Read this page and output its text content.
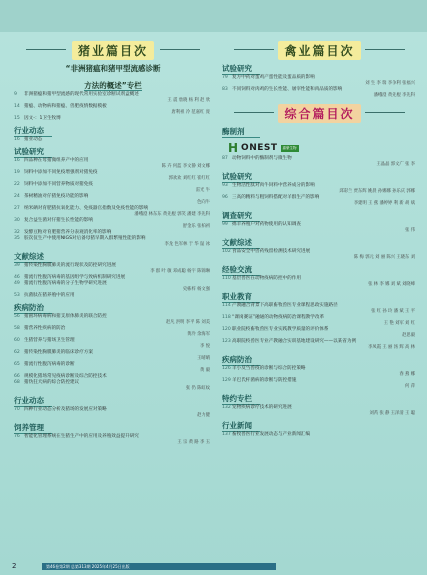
猪业篇目次
“非洲猪瘟和猪甲型流感诊断
方法的概述”专栏
9 非洲猪瘟和猪甲型流感的现代常用实验室诊断试剂盒概述
王 震 詹晓 杨 利 赵 欣
14 猪瘟、动物病和猪瘟、兽肥疫情数据模板
唐利祖 冷 范嘉红 庞
15 因文-：1卫生牧博
行业动态
16 猪业动态
试验研究
16 四品种在母猪微组养产中的应用
陈 卉 何蓝 李文静 刘文娜
19 饲料中添加不同免疫增强剂对猪免疫
郭欢欢 刘红红 崔红红
22 饲料中添加不同营养物质对猪免疫
雷光 牛
24 茶树精油对仔猪免疫功能的影响
色向牛
27 纳米硒对育肥猪抗氧化能力、免疫器官指数及免疫性能的影响
潘峨澄 林东东 黄先棍 郭笑 潘建 李先科
30 复合益生菌对仔猪生长性能的影响
舒金乐 张柏初
32 发酵豆粕对育肥猪营养分表观消化率的影响
35 胶次仪生产中使用NIGS对后备母猪早期入群繁殖性能的影响
李龙 色军林 于 华 鼠 冰
文献综述
39 猪传染性胸膜肺炎的流行现状及防控研究进展
李 群 叶 敏 邓成聪 杨宇 陈锦琳
46 猪流行性腹泻病毒的基因组学与致病机制研究进展
49 猪流行性腹泻病毒的分子生物学研究进展
史栋梓 杨文强
53 抗菌肽在猪养殖中的应用
疾病防治
56 猪圆环病毒病和猪支原体肺炎的联合防控
赵凡 洪明 李平 陈 刘美
58 猪营养性疾病的防治
黄冷 余海军
60 生猪营养与猪场卫生管理
李 悦
62 猪传染性胸膜肺炎的临床诊疗方案
王晴晴
65 猪流行性腹泻病毒的诊断
黄 毅
66 规模化猪场常见疫病诊断及综合防控技术
68 猪伪狂犬病的综合防控建议
张 仍 陈虹纹
行业动态
70 四种行业动态分析及猪场的发展应对策略
赵力健
饲养管理
76 智能化管理系统在生猪生产中的应用及养殖效益提升研究
王 宗 黄 路 李 玉
禽业篇目次
试验研究
79 复方中药对蛋鸡产蛋性能及蛋品质的影响
刘 生 李 瑞 李争利 张福兴
83 不同饲料对肉鸡的生长性能、屠宰性能和肉品质的影响
潘峨澄 黄先棍 李先科
综合篇目次
酶制剂
H ONEST	嘉豪生物
87 动物饲料中的酶制剂与微生物
王晶晶 郭文广 张 李
试验研究
93 生物活性肽对肉牛饲料中营养成分的影响
邱彩兰 贾东辉 姚晨 孙娜娜 孙乐庆 郭娜
96 三高的精料与粗饲料搭配对羊群生产的影响
李建明 王 燕 潘婷婷 利 新 胡 斌
调查研究
99 绵羊养殖户对药物使用的认知调查
张 伟
文献综述
102 食品安全中兽药残留检测技术研究进展
陈 梅 郭元 刘 丽 陈兴 王晓东 刘
经验交流
110 基层兽医在动物疫病防控中的作用
张 林 李 娜 刘 斌 刘晓峰
职业教育
114 产教融合背景下高职畜牧兽医专业课程思政实施路径
张 红 孙 玲 潘 斌 王 平
118 “课岗赛证”融通的动物疫病防治课程教学改革
王 艳 刘军 刘 红
120 职业院校畜牧兽医专业实践教学质量的评价体系
赵思毅
123 高职院校兽医专业产教融合实训基地建设研究——以某省为例
李凤霞 王 丽 汤 辉 高 林
疾病防治
126 羊小反刍兽疫的诊断与综合防控策略
春 燕 娜
129 羊巴氏杆菌病的诊断与防控措施
何 萍
特约专栏
132 宠物疾病诊疗技术的研究进展
刘芮 张 静 王泽清 王 聪
行业新闻
137 畜牧兽医行业发展动态与产业新闻汇编
2	第46卷第2期 总第313期 2025年4月25日出版
